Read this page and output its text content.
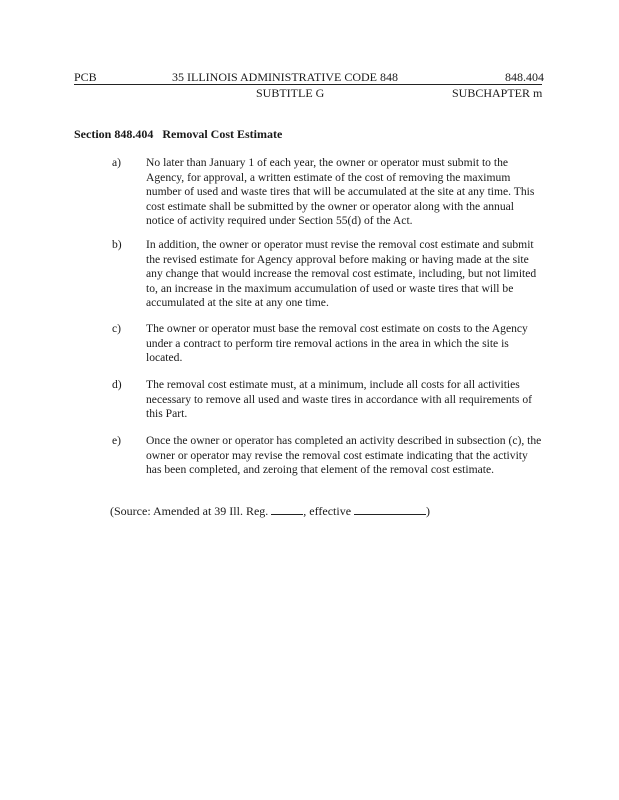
PCB	35 ILLINOIS ADMINISTRATIVE CODE 848	848.404
SUBTITLE G	SUBCHAPTER m
Section 848.404 Removal Cost Estimate
a) No later than January 1 of each year, the owner or operator must submit to the Agency, for approval, a written estimate of the cost of removing the maximum number of used and waste tires that will be accumulated at the site at any time. This cost estimate shall be submitted by the owner or operator along with the annual notice of activity required under Section 55(d) of the Act.
b) In addition, the owner or operator must revise the removal cost estimate and submit the revised estimate for Agency approval before making or having made at the site any change that would increase the removal cost estimate, including, but not limited to, an increase in the maximum accumulation of used or waste tires that will be accumulated at the site at any one time.
c) The owner or operator must base the removal cost estimate on costs to the Agency under a contract to perform tire removal actions in the area in which the site is located.
d) The removal cost estimate must, at a minimum, include all costs for all activities necessary to remove all used and waste tires in accordance with all requirements of this Part.
e) Once the owner or operator has completed an activity described in subsection (c), the owner or operator may revise the removal cost estimate indicating that the activity has been completed, and zeroing that element of the removal cost estimate.
(Source: Amended at 39 Ill. Reg.	, effective	)
